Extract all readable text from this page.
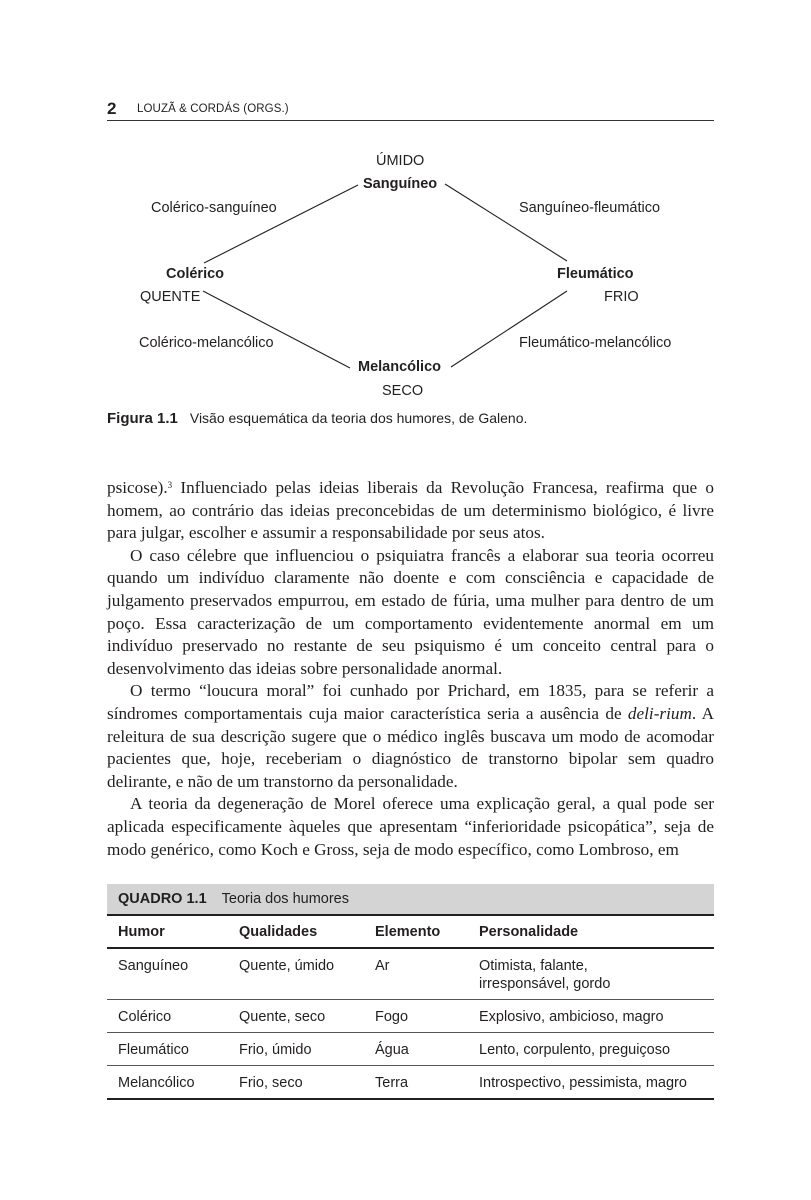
2 LOUZÃ & CORDÁS (ORGS.)
ÚMIDO
Sanguíneo
Colérico-sanguíneo	Sanguíneo-fleumático
Colérico
QUENTE
Fleumático
FRIO
Colérico-melancólico	Fleumático-melancólico
Melancólico
SECO
Figura 1.1 Visão esquemática da teoria dos humores, de Galeno.

psicose).$^3$ Influenciado pelas ideias liberais da Revolução Francesa, reafirma que o homem, ao contrário das ideias preconcebidas de um determinismo biológico, é livre para julgar, escolher e assumir a responsabilidade por seus atos.

O caso célebre que influenciou o psiquiatra francês a elaborar sua teoria ocorreu quando um indivíduo claramente não doente e com consciência e capacidade de julgamento preservados empurrou, em estado de fúria, uma mulher para dentro de um poço. Essa caracterização de um comportamento evidentemente anormal em um indivíduo preservado no restante de seu psiquismo é um conceito central para o desenvolvimento das ideias sobre personalidade anormal.

O termo “loucura moral” foi cunhado por Prichard, em 1835, para se referir a síndromes comportamentais cuja maior característica seria a ausência de deli-rium. A releitura de sua descrição sugere que o médico inglês buscava um modo de acomodar pacientes que, hoje, receberiam o diagnóstico de transtorno bipolar sem quadro delirante, e não de um transtorno da personalidade.

A teoria da degeneração de Morel oferece uma explicação geral, a qual pode ser aplicada especificamente àqueles que apresentam “inferioridade psicopática”, seja de modo genérico, como Koch e Gross, seja de modo específico, como Lombroso, em

QUADRO 1.1 Teoria dos humores
Humor	Qualidades	Elemento	Personalidade
Sanguíneo	Quente, úmido	Ar	Otimista, falante, irresponsável, gordo
Colérico	Quente, seco	Fogo	Explosivo, ambicioso, magro
Fleumático	Frio, úmido	Água	Lento, corpulento, preguiçoso
Melancólico	Frio, seco	Terra	Introspectivo, pessimista, magro
